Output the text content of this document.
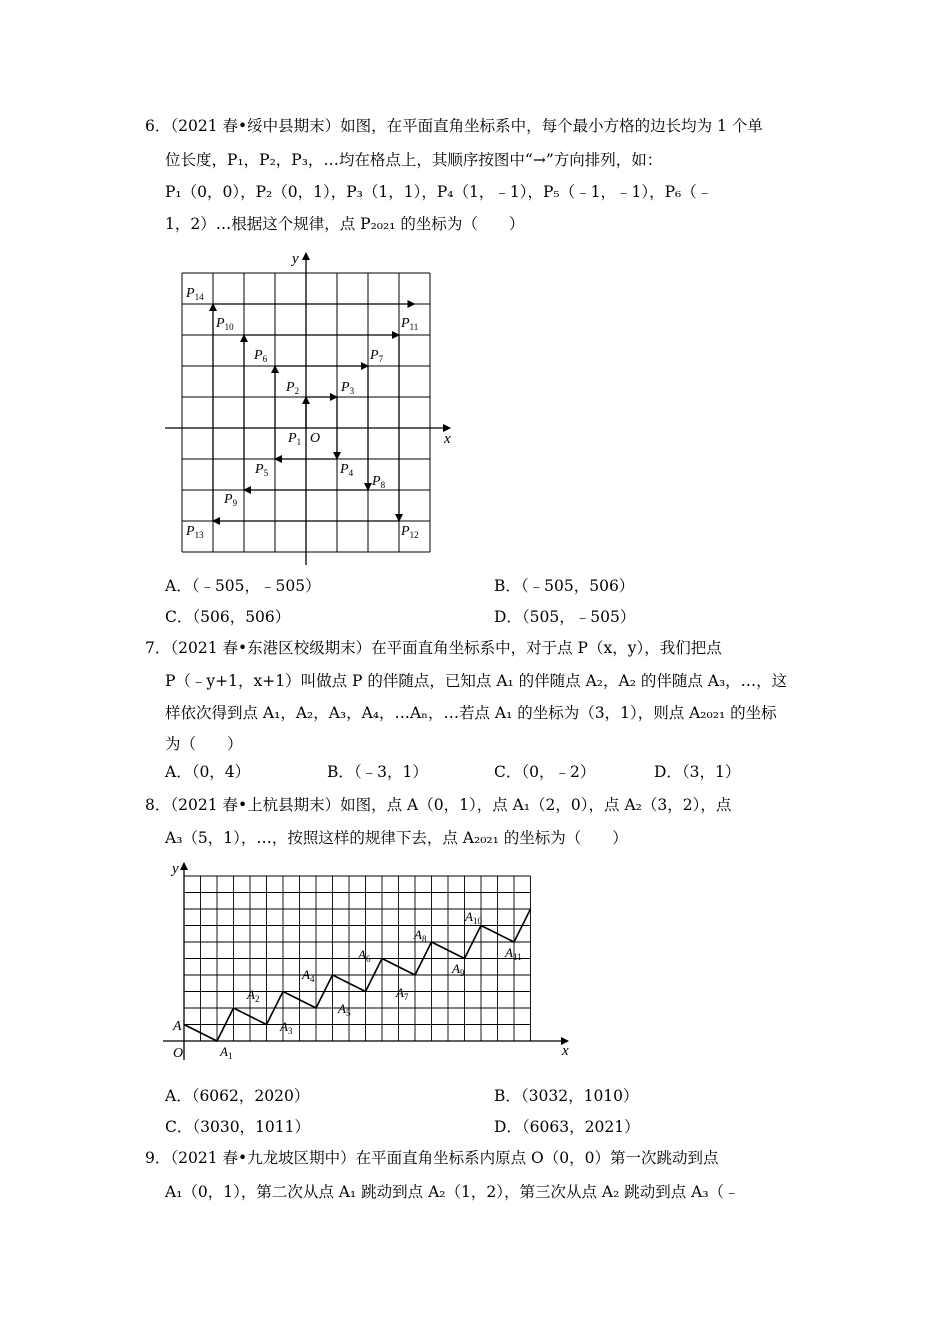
6．（2021 春•绥中县期末）如图，在平面直角坐标系中，每个最小方格的边长均为 1 个单
位长度，P₁，P₂，P₃，…均在格点上，其顺序按图中“→”方向排列，如：
P₁（0，0），P₂（0，1），P₃（1，1），P₄（1，﹣1），P₅（﹣1，﹣1），P₆（﹣
1，2）…根据这个规律，点 P₂₀₂₁ 的坐标为（　　）
y
x
O
$P_1$
$P_2$	$P_3$
$P_4$
$P_5$
$P_6$	$P_7$
$P_8$
$P_9$
$P_{10}$	$P_{11}$
$P_{12}$
$P_{13}$
$P_{14}$
A．（﹣505，﹣505）	B．（﹣505，506）
C．（506，506）	D．（505，﹣505）
7．（2021 春•东港区校级期末）在平面直角坐标系中，对于点 P（x，y），我们把点
P（﹣y+1，x+1）叫做点 P 的伴随点，已知点 A₁ 的伴随点 A₂，A₂ 的伴随点 A₃，…，这
样依次得到点 A₁，A₂，A₃，A₄，…Aₙ，…若点 A₁ 的坐标为（3，1），则点 A₂₀₂₁ 的坐标
为（　　）
A．（0，4）	B．（﹣3，1）	C．（0，﹣2）	D．（3，1）
8．（2021 春•上杭县期末）如图，点 A（0，1），点 A₁（2，0），点 A₂（3，2），点
A₃（5，1），…，按照这样的规律下去，点 A₂₀₂₁ 的坐标为（　　）
y
x
O
A
$A_1$
$A_2$
$A_3$
$A_4$
$A_5$
$A_6$
$A_7$
$A_8$
$A_9$
$A_{10}$
$A_{11}$
A．（6062，2020）	B．（3032，1010）
C．（3030，1011）	D．（6063，2021）
9．（2021 春•九龙坡区期中）在平面直角坐标系内原点 O（0，0）第一次跳动到点
A₁（0，1），第二次从点 A₁ 跳动到点 A₂（1，2），第三次从点 A₂ 跳动到点 A₃（﹣
